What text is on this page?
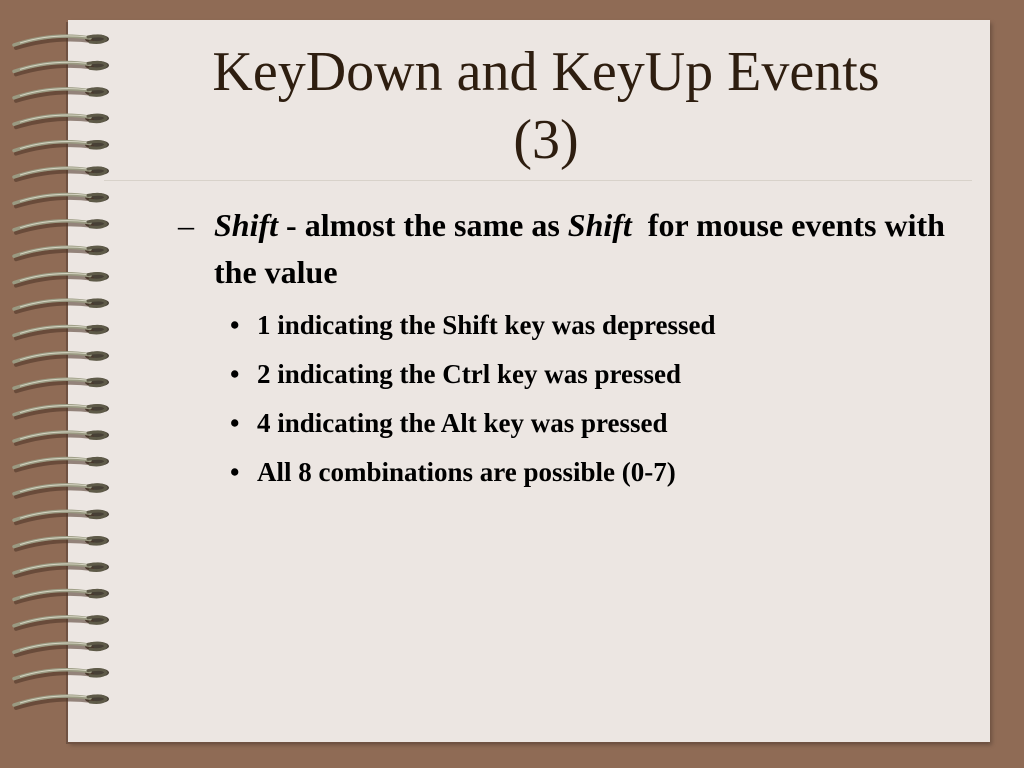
KeyDown and KeyUp Events
(3)
– Shift - almost the same as Shift  for mouse events with the value
• 1 indicating the Shift key was depressed
• 2 indicating the Ctrl key was pressed
• 4 indicating the Alt key was pressed
• All 8 combinations are possible (0-7)
